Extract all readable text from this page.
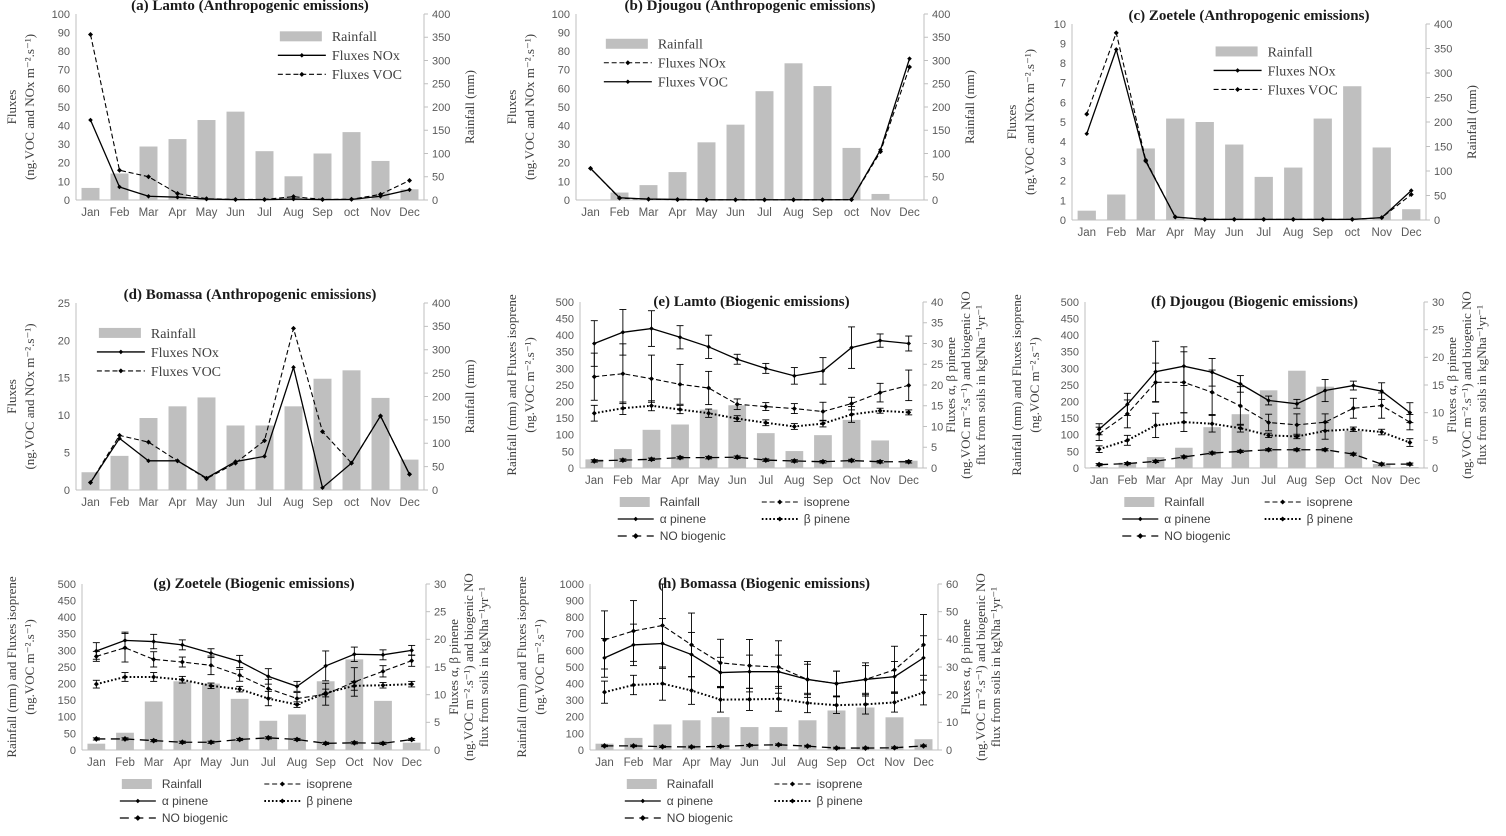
0
10
20
30
40
50
60
70
80
90
100
0
50
100
150
200
250
300
350
400
Jan Feb Mar Apr May Jun Jul Aug Sep oct Nov Dec
(a) Lamto (Anthropogenic emissions)
Fluxes (ng.VOC and NOx m⁻².s⁻¹)	Rainfall (mm)
Rainfall
Fluxes NOx
Fluxes VOC
0
10
20
30
40
50
60
70
80
90
100
0
50
100
150
200
250
300
350
400
Jan Feb Mar Apr May Jun Jul Aug Sep oct Nov Dec
(b) Djougou (Anthropogenic emissions)
Fluxes (ng.VOC and NOx m⁻².s⁻¹)	Rainfall (mm)
Rainfall
Fluxes NOx
Fluxes VOC
0
1
2
3
4
5
6
7
8
9
10
0
50
100
150
200
250
300
350
400
Jan Feb Mar Apr May Jun Jul Aug Sep oct Nov Dec
(c) Zoetele (Anthropogenic emissions)
Fluxes (ng.VOC and NOx m⁻².s⁻¹)	Rainfall (mm)
Rainfall
Fluxes NOx
Fluxes VOC
0
5
10
15
20
25
0
50
100
150
200
250
300
350
400
Jan Feb Mar Apr May Jun Jul Aug Sep oct Nov Dec
(d) Bomassa (Anthropogenic emissions)
Fluxes (ng.VOC and NOx m⁻².s⁻¹)	Rainfall (mm)
Rainfall
Fluxes NOx
Fluxes VOC
0
50
100
150
200
250
300
350
400
450
500
0
5
10
15
20
25
30
35
40
Jan Feb Mar Apr May Jun Jul Aug Sep Oct Nov Dec
(e) Lamto (Biogenic emissions)
Rainfall (mm) and Fluxes isoprene (ng.VOC m⁻².s⁻¹)	Fluxes α, β pinene (ng.VOC m⁻².s⁻¹) and biogenic NO flux from soils in kgNha⁻¹yr⁻¹
Rainfall
α pinene
NO biogenic
isoprene
β pinene
0
50
100
150
200
250
300
350
400
450
500
0
5
10
15
20
25
30
Jan Feb Mar Apr May Jun Jul Aug Sep Oct Nov Dec
(f) Djougou (Biogenic emissions)
Rainfall (mm) and Fluxes isoprene (ng.VOC m⁻².s⁻¹)	Fluxes α, β pinene (ng.VOC m⁻².s⁻¹) and biogenic NO flux from soils in kgNha⁻¹yr⁻¹
Rainfall
α pinene
NO biogenic
isoprene
β pinene
0
50
100
150
200
250
300
350
400
450
500
0
5
10
15
20
25
30
Jan Feb Mar Apr May Jun Jul Aug Sep Oct Nov Dec
(g) Zoetele (Biogenic emissions)
Rainfall (mm) and Fluxes isoprene (ng.VOC m⁻².s⁻¹)	Fluxes α, β pinene (ng.VOC m⁻².s⁻¹) and biogenic NO flux from soils in kgNha⁻¹yr⁻¹
Rainfall
α pinene
NO biogenic
isoprene
β pinene
0
100
200
300
400
500
600
700
800
900
1000
0
10
20
30
40
50
60
Jan Feb Mar Apr May Jun Jul Aug Sep Oct Nov Dec
(h) Bomassa (Biogenic emissions)
Rainfall (mm) and Fluxes isoprene (ng.VOC m⁻².s⁻¹)	Fluxes α, β pinene (ng.VOC m⁻².s⁻¹) and biogenic NO flux from soils in kgNha⁻¹yr⁻¹
Rainafall
α pinene
NO biogenic
isoprene
β pinene
